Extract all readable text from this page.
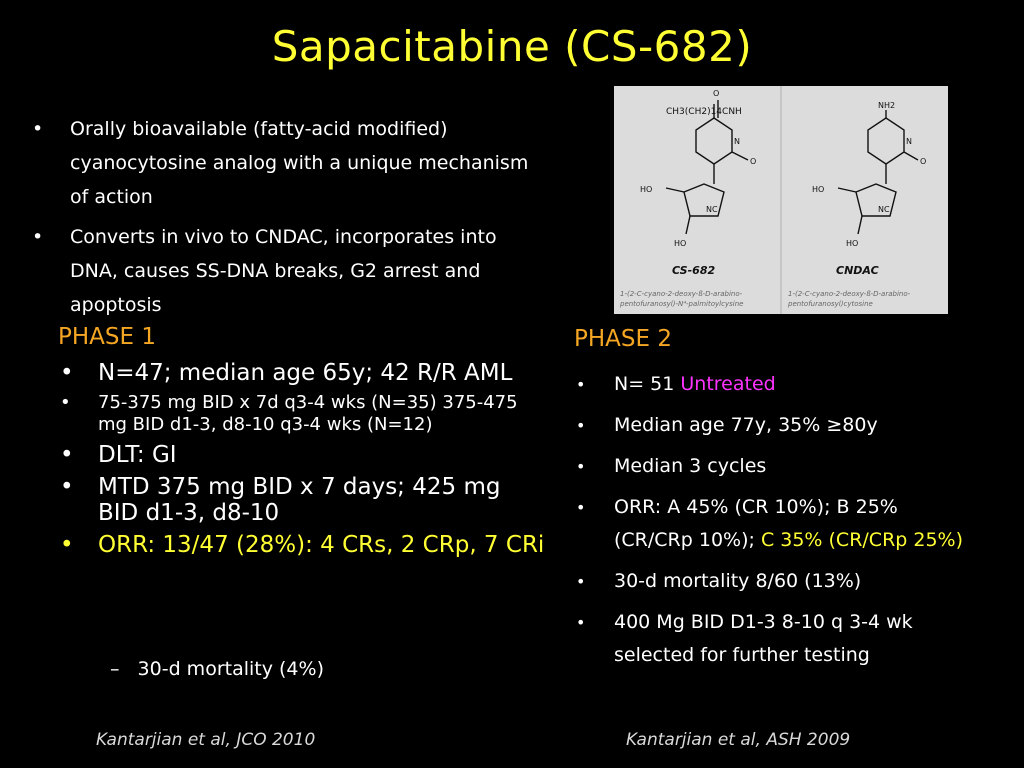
Sapacitabine (CS-682)
• Orally bioavailable (fatty-acid modified) cyanocytosine analog with a unique mechanism of action
• Converts in vivo to CNDAC, incorporates into DNA, causes SS-DNA breaks, G2 arrest and apoptosis
CH3(CH2)14CNH
O
N
O
HO
NC
HO
CS-682
1-(2-C-cyano-2-deoxy-ß-D-arabino-
pentofuranosyl)-N⁴-palmitoylcysine
NH2
N
O
HO
NC
HO
CNDAC
1-(2-C-cyano-2-deoxy-ß-D-arabino-
pentofuranosyl)cytosine
PHASE 1
• N=47; median age 65y; 42 R/R AML
• 75-375 mg BID x 7d q3-4 wks (N=35) 375-475 mg BID d1-3, d8-10 q3-4 wks (N=12)
• DLT: GI
• MTD 375 mg BID x 7 days; 425 mg BID d1-3, d8-10
• ORR: 13/47 (28%): 4 CRs, 2 CRp, 7 CRi
– 30-d mortality (4%)
PHASE 2
• N= 51 Untreated
• Median age 77y, 35% ≥80y
• Median 3 cycles
• ORR: A 45% (CR 10%); B 25% (CR/CRp 10%); C 35% (CR/CRp 25%)
• 30-d mortality 8/60 (13%)
• 400 Mg BID D1-3 8-10 q 3-4 wk selected for further testing
Kantarjian et al, JCO 2010	Kantarjian et al, ASH 2009
